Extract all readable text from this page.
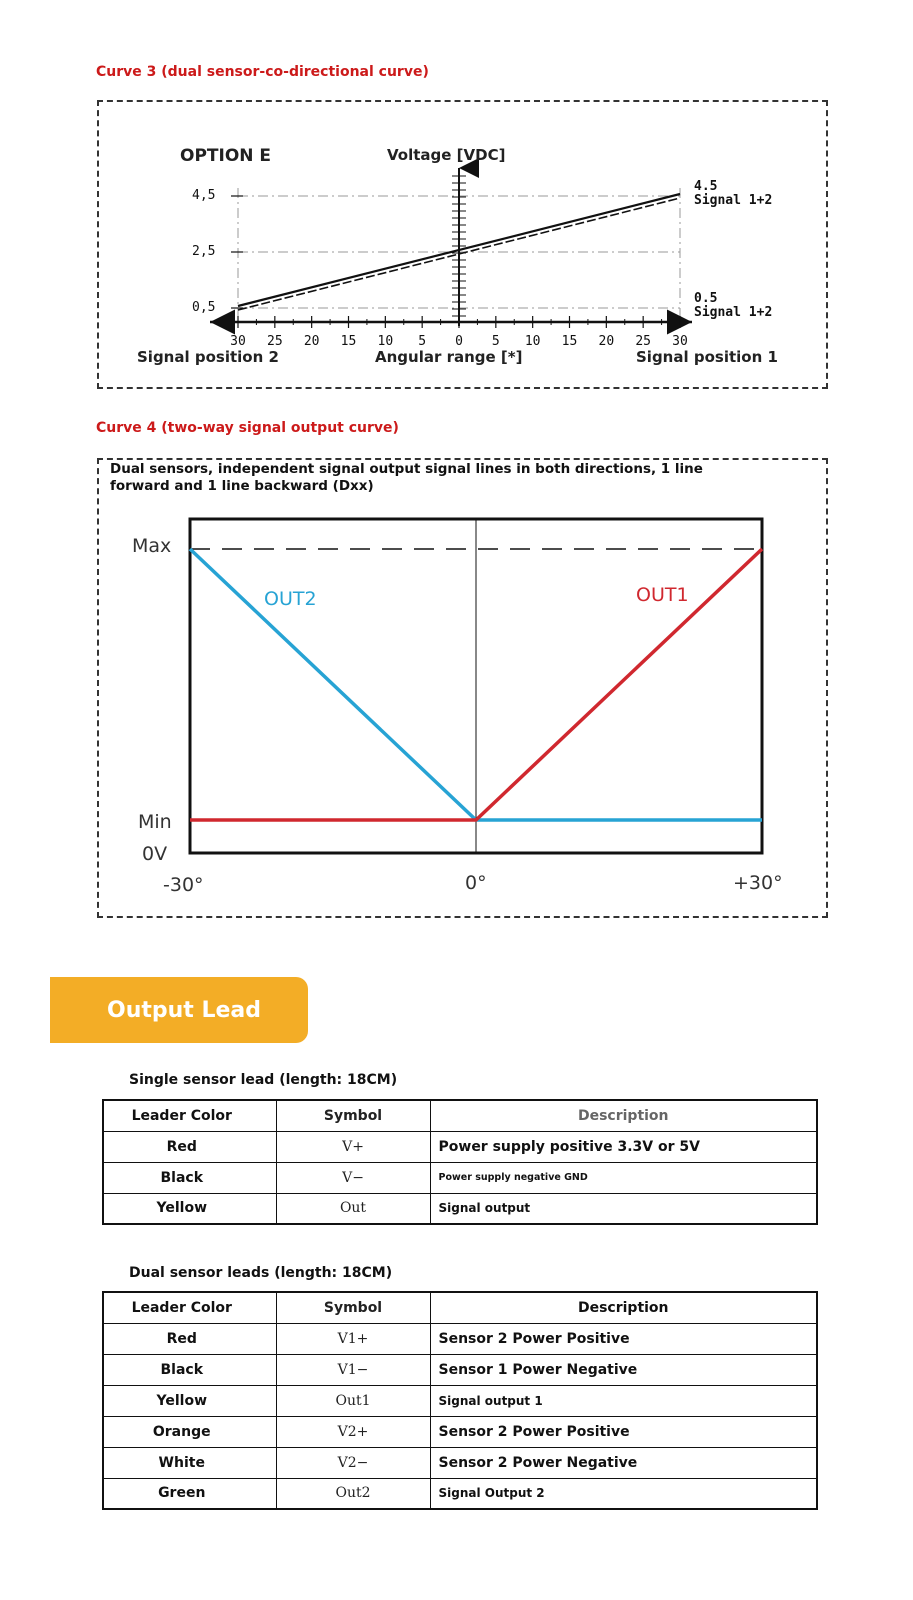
Curve 3 (dual sensor-co-directional curve)
30 25 20 15 10 5 0 5 10 15 20 25 30
OPTION E	Voltage [VDC]
4,5
2,5
0,5
4.5
Signal 1+2
0.5
Signal 1+2
Signal position 2	Angular range [*]	Signal position 1
Curve 4 (two-way signal output curve)
Dual sensors, independent signal output signal lines in both directions, 1 line
forward and 1 line backward (Dxx)
Max
Min
0V
-30°	0°	+30°
OUT2	OUT1
Output Lead
Single sensor lead (length: 18CM)
Leader Color	Symbol	Description
Red	V+	Power supply positive 3.3V or 5V
Black	V−	Power supply negative GND
Yellow	Out	Signal output
Dual sensor leads (length: 18CM)
Leader Color	Symbol	Description
Red	V1+	Sensor 2 Power Positive
Black	V1−	Sensor 1 Power Negative
Yellow	Out1	Signal output 1
Orange	V2+	Sensor 2 Power Positive
White	V2−	Sensor 2 Power Negative
Green	Out2	Signal Output 2
